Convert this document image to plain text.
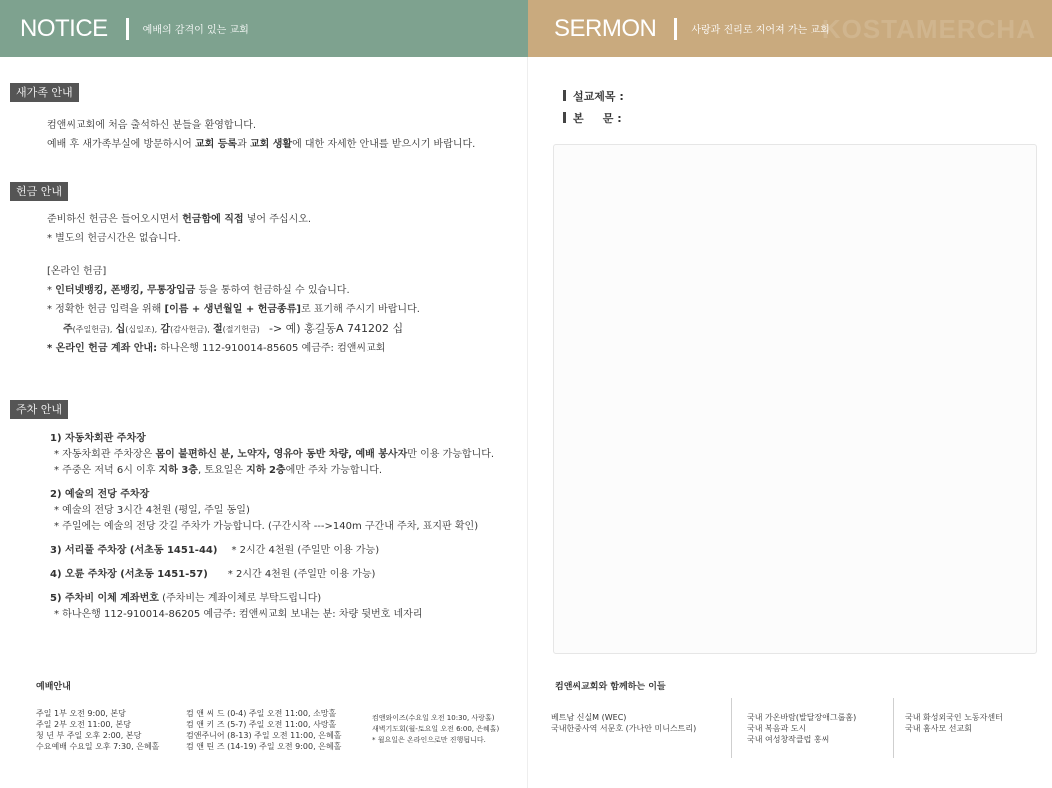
NOTICE	예배의 감격이 있는 교회	SERMON	사랑과 진리로 지어져 가는 교회
KOSTAMERCHA
새가족 안내
컴앤씨교회에 처음 출석하신 분들을 환영합니다.
예배 후 새가족부실에 방문하시어 교회 등록과 교회 생활에 대한 자세한 안내를 받으시기 바랍니다.
헌금 안내
준비하신 헌금은 들어오시면서 헌금함에 직접 넣어 주십시오.
* 별도의 헌금시간은 없습니다.
[온라인 헌금]
* 인터넷뱅킹, 폰뱅킹, 무통장입금 등을 통하여 헌금하실 수 있습니다.
* 정확한 헌금 입력을 위해 [이름 + 생년월일 + 헌금종류]로 표기해 주시기 바랍니다.
주(주일헌금), 십(십일조), 감(감사헌금), 절(절기헌금) -> 예) 홍길동A 741202 십
* 온라인 헌금 계좌 안내: 하나은행 112-910014-85605 예금주: 컴앤씨교회
주차 안내
1) 자동차회관 주차장
* 자동차회관 주차장은 몸이 불편하신 분, 노약자, 영유아 동반 차량, 예배 봉사자만 이용 가능합니다.
* 주중은 저녁 6시 이후 지하 3층, 토요일은 지하 2층에만 주차 가능합니다.
2) 예술의 전당 주차장
* 예술의 전당 3시간 4천원 (평일, 주일 동일)
* 주일에는 예술의 전당 갓길 주차가 가능합니다. (구간시작 --->140m 구간내 주차, 표지판 확인)
3) 서리풀 주차장 (서초동 1451-44) * 2시간 4천원 (주일만 이용 가능)
4) 오륜 주차장 (서초동 1451-57) * 2시간 4천원 (주일만 이용 가능)
5) 주차비 이체 계좌번호 (주차비는 계좌이체로 부탁드립니다)
* 하나은행 112-910014-86205 예금주: 컴앤씨교회 보내는 분: 차량 뒷번호 네자리
설교제목 :
본     문 :
예배안내
주일 1부 오전 9:00, 본당
주일 2부 오전 11:00, 본당
청 년 부 주일 오후 2:00, 본당
수요예배 수요일 오후 7:30, 은혜홀
컴 앤 씨 드 (0-4) 주일 오전 11:00, 소망홀
컴 앤 키 즈 (5-7) 주일 오전 11:00, 사랑홀
컴앤주니어 (8-13) 주일 오전 11:00, 은혜홀
컴 앤 틴 즈 (14-19) 주일 오전 9:00, 은혜홀
컴앤와이즈(수요일 오전 10:30, 사랑홀)
새벽기도회(월-토요일 오전 6:00, 은혜홀)
* 월요일은 온라인으로만 진행됩니다.
컴앤씨교회와 함께하는 이들
베트남 신실M (WEC)
국내한중사역 서문호 (가나안 미니스트리)
국내 가온바람(발달장애그룹홈)
국내 복음과 도시
국내 여성창작클럽 홍씨
국내 화성외국인 노동자센터
국내 홈사모 선교회
